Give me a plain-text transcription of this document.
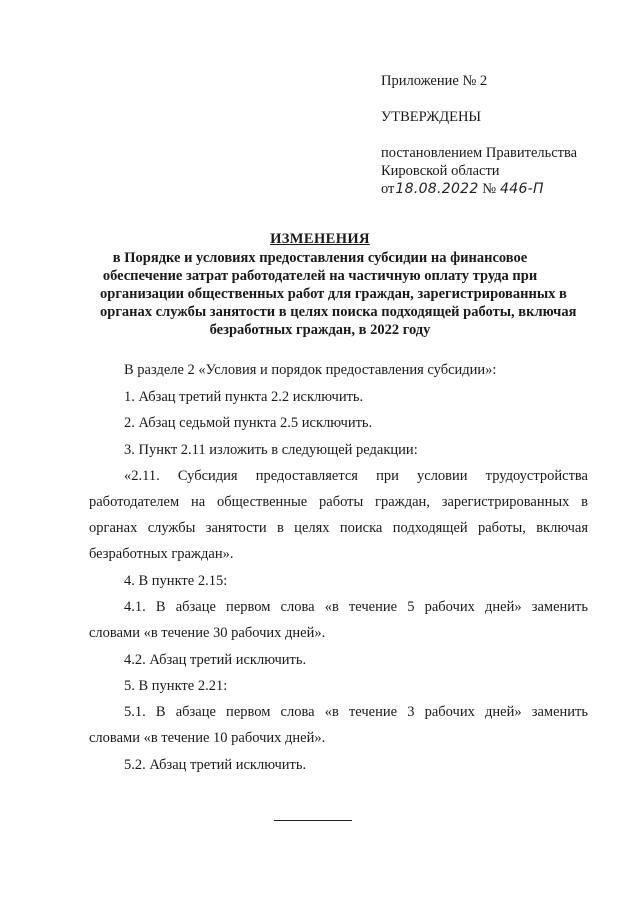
Приложение № 2
УТВЕРЖДЕНЫ
постановлением Правительства
Кировской области
от18.08.2022 № 446-П
ИЗМЕНЕНИЯ
в Порядке и условиях предоставления субсидии на финансовое
обеспечение затрат работодателей на частичную оплату труда при
организации общественных работ для граждан, зарегистрированных в
органах службы занятости в целях поиска подходящей работы, включая
безработных граждан, в 2022 году
В разделе 2 «Условия и порядок предоставления субсидии»:
1. Абзац третий пункта 2.2 исключить.
2. Абзац седьмой пункта 2.5 исключить.
3. Пункт 2.11 изложить в следующей редакции:
«2.11. Субсидия предоставляется при условии трудоустройства
работодателем на общественные работы граждан, зарегистрированных в
органах службы занятости в целях поиска подходящей работы, включая
безработных граждан».
4. В пункте 2.15:
4.1. В абзаце первом слова «в течение 5 рабочих дней» заменить
словами «в течение 30 рабочих дней».
4.2. Абзац третий исключить.
5. В пункте 2.21:
5.1. В абзаце первом слова «в течение 3 рабочих дней» заменить
словами «в течение 10 рабочих дней».
5.2. Абзац третий исключить.
